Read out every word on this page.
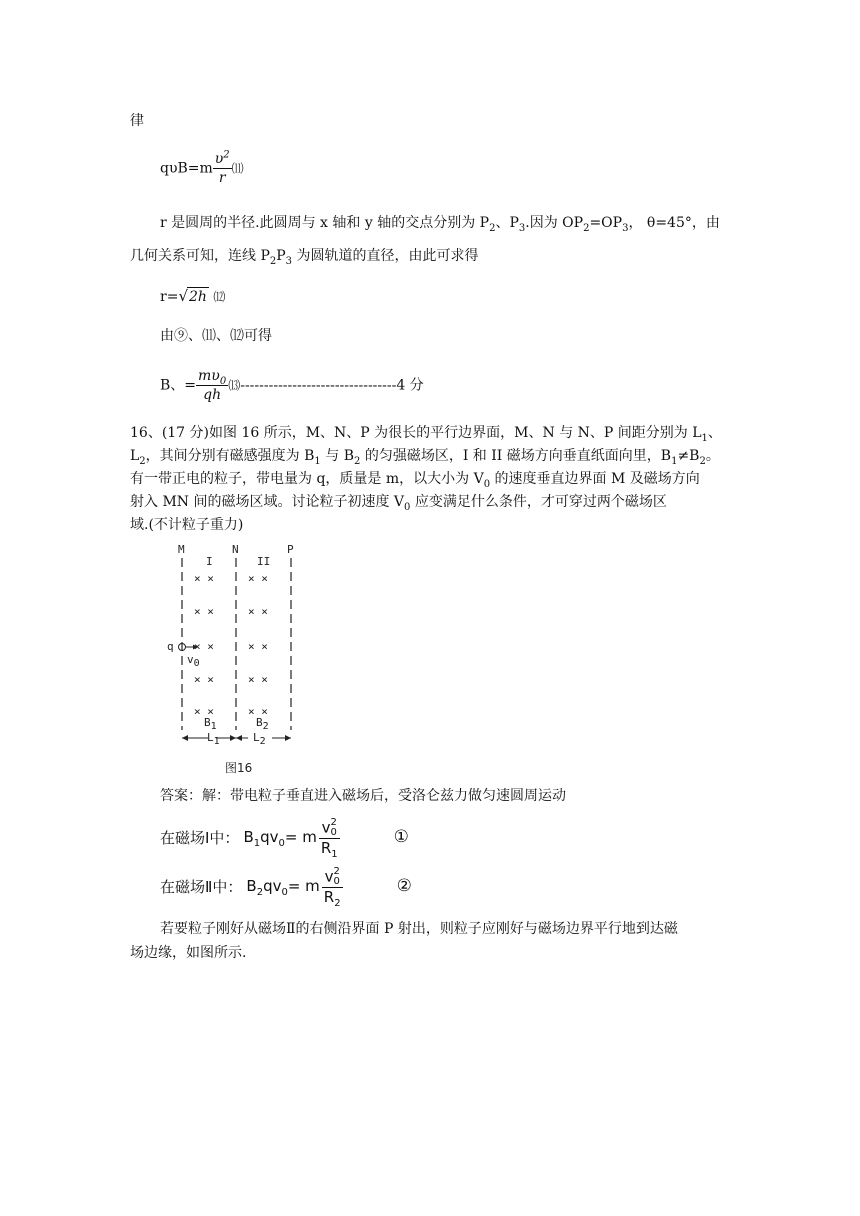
律
$q\upsilon B=m \frac{\upsilon^2}{r}$ ⑾
r 是圆周的半径.此圆周与 x 轴和 y 轴的交点分别为 $P_2$、$P_3$.因为 $OP_2=OP_3$， θ=45°，由
几何关系可知，连线 $P_2P_3$ 为圆轨道的直径，由此可求得
r=√2h ⑿
由⑨、⑾、⑿可得
B、= $\frac{m\upsilon_0}{qh}$ ⒀---------------------------------4 分
16、(17 分)如图 16 所示，M、N、P 为很长的平行边界面，M、N 与 N、P 间距分别为 $L_1$、
$L_2$，其间分别有磁感强度为 $B_1$ 与 $B_2$ 的匀强磁场区，I 和 II 磁场方向垂直纸面向里，$B_1\ne B_2$。
有一带正电的粒子，带电量为 q，质量是 m，以大小为 $V_0$ 的速度垂直边界面 M 及磁场方向
射入 MN 间的磁场区域。讨论粒子初速度 $V_0$ 应变满足什么条件，才可穿过两个磁场区
域.(不计粒子重力)
M	N	P
I	II
× ×	× ×
× ×	× ×
× ×	× ×
× ×	× ×
× ×	× ×
q
$v_0$
$B_1$	$B_2$
$L_1$	$L_2$
图16
答案：解：带电粒子垂直进入磁场后，受洛仑兹力做匀速圆周运动
在磁场Ⅰ中： $B_1qv_0 = m$ v 2
0
$R_1$	①
在磁场Ⅱ中： $B_2qv_0 = m$ v 2
0
$R_2$	②
若要粒子刚好从磁场Ⅱ的右侧沿界面 P 射出，则粒子应刚好与磁场边界平行地到达磁
场边缘，如图所示.
